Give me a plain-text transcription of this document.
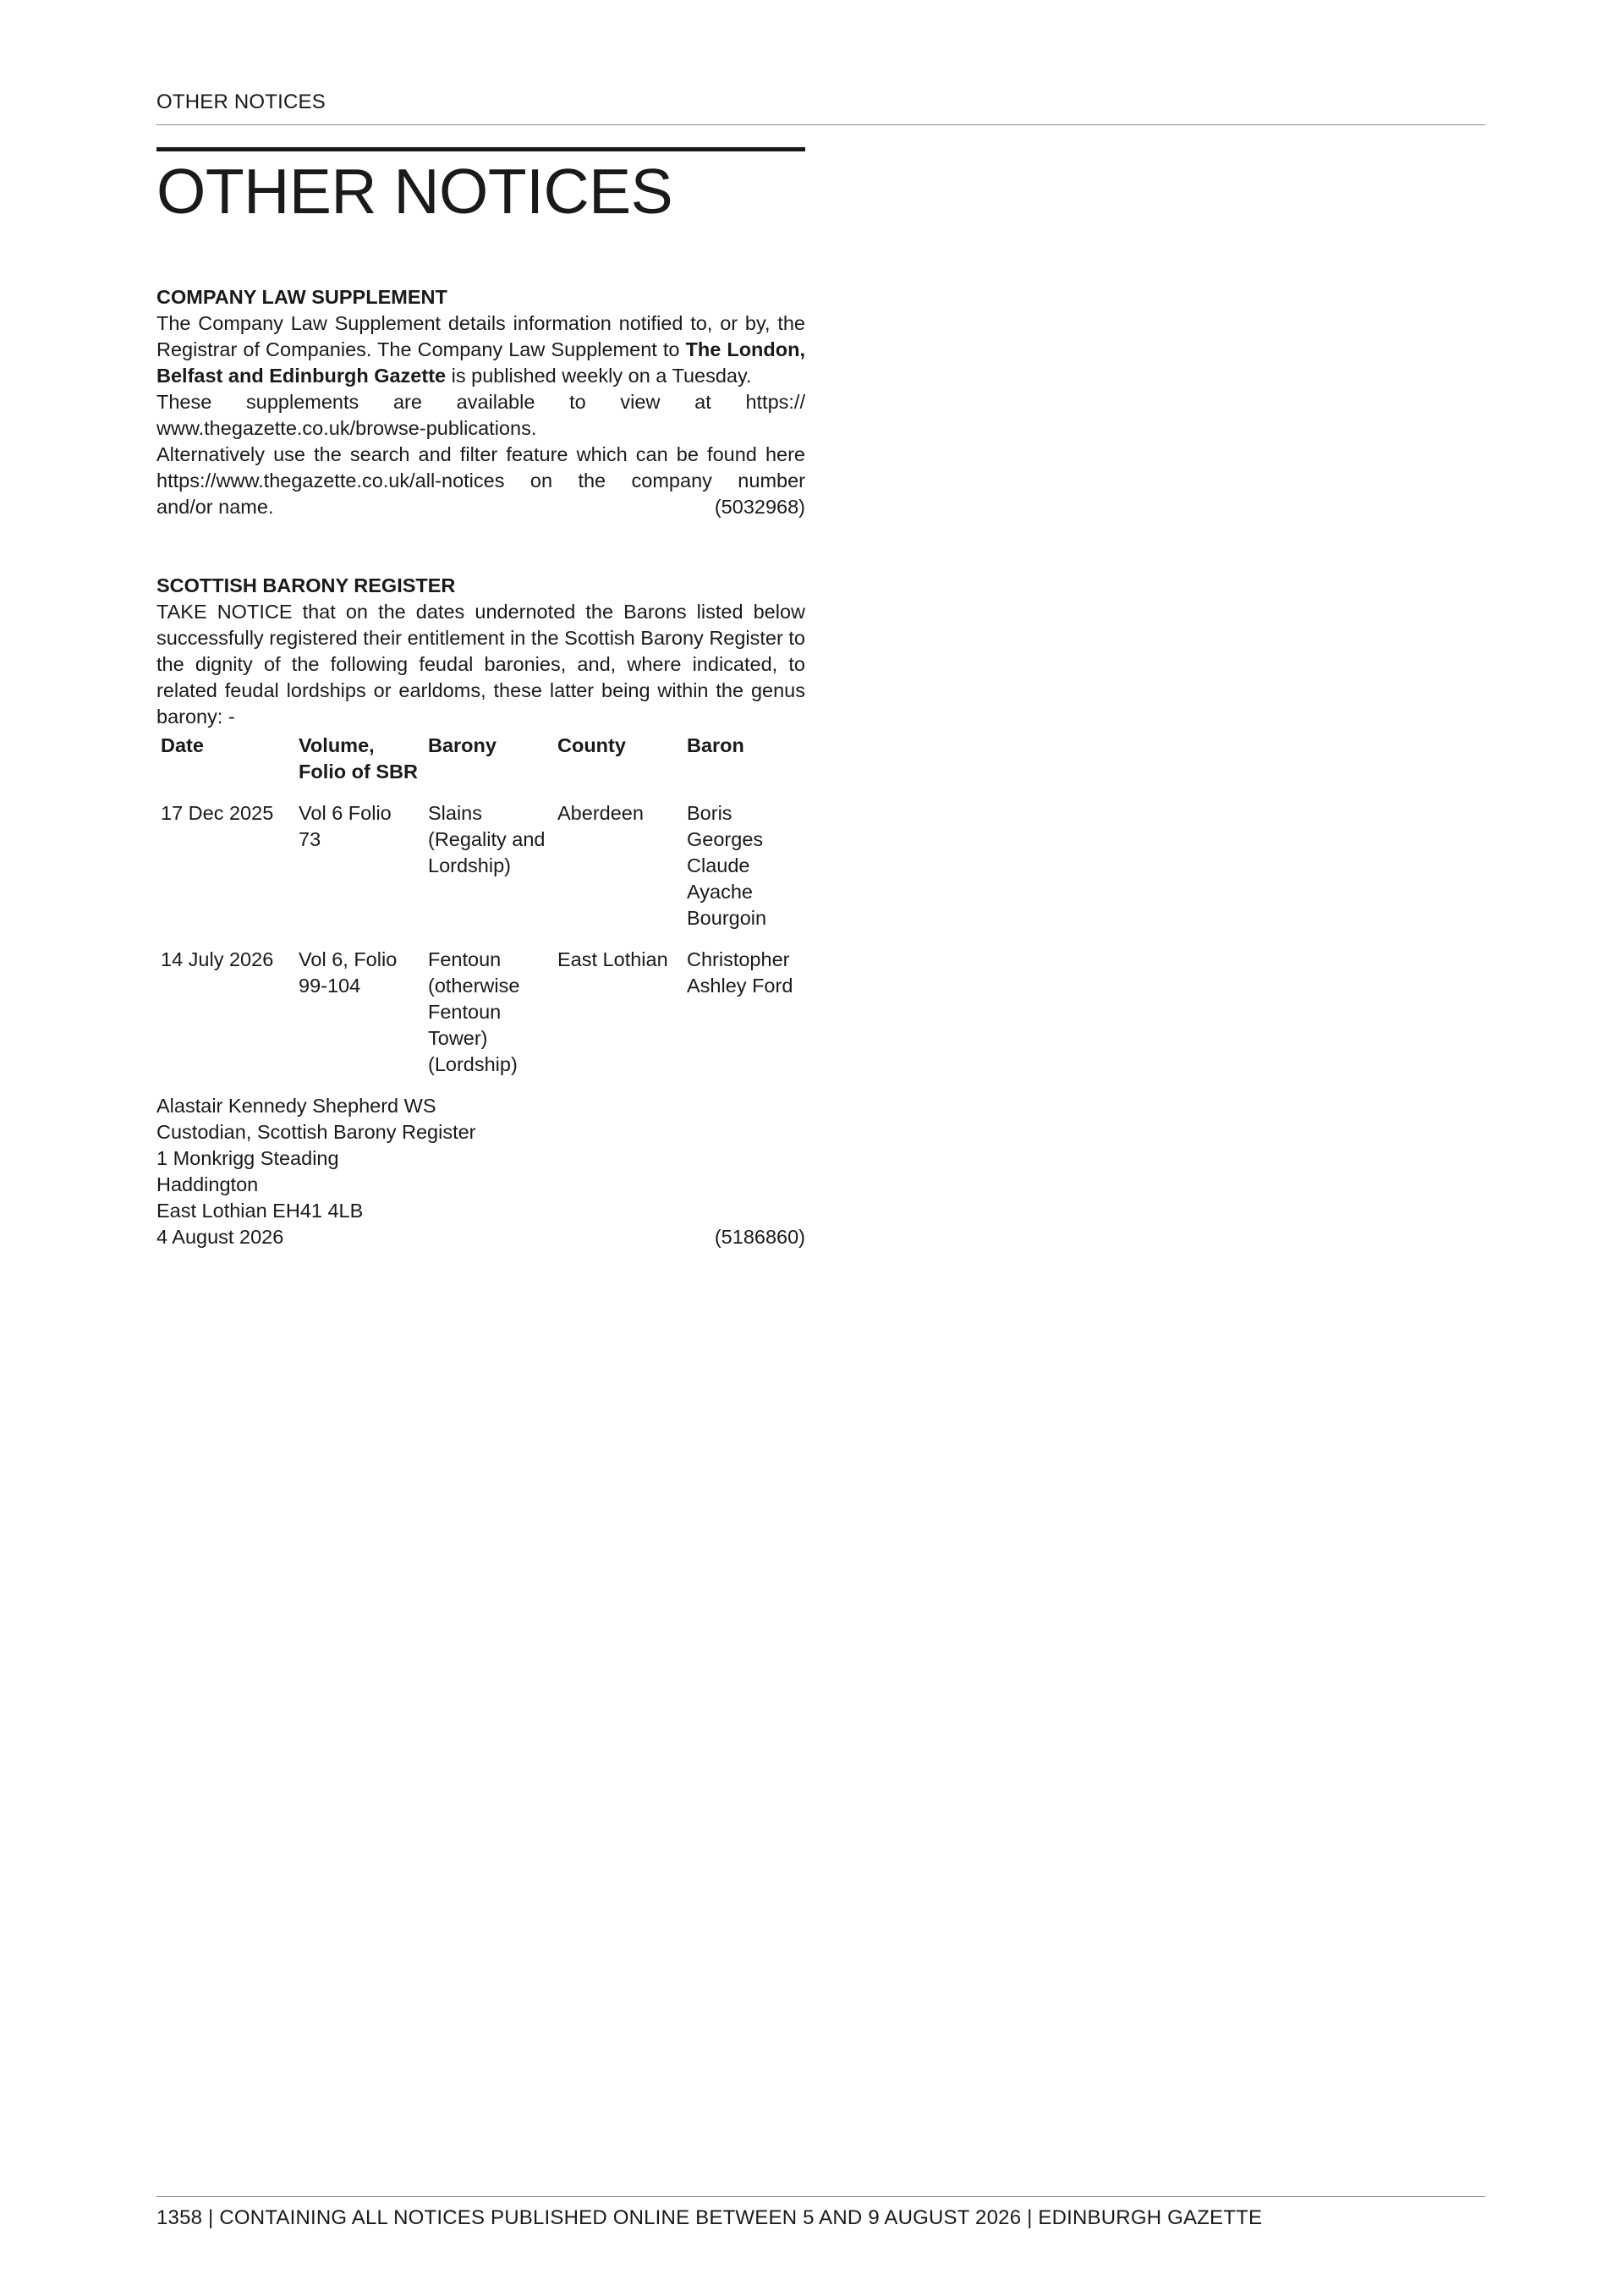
OTHER NOTICES
OTHER NOTICES

COMPANY LAW SUPPLEMENT

The Company Law Supplement details information notified to, or by, the Registrar of Companies. The Company Law Supplement to The London, Belfast and Edinburgh Gazette is published weekly on a Tuesday.

These supplements are available to view at https:// www.thegazette.co.uk/browse-publications.

Alternatively use the search and filter feature which can be found here https://www.thegazette.co.uk/all-notices on the company number

and/or name.	(5032968)

SCOTTISH BARONY REGISTER

TAKE NOTICE that on the dates undernoted the Barons listed below successfully registered their entitlement in the Scottish Barony Register to the dignity of the following feudal baronies, and, where indicated, to related feudal lordships or earldoms, these latter being within the genus barony: -

Date	Volume, Folio of SBR	Barony	County	Baron
17 Dec 2025	Vol 6 Folio 73	Slains (Regality and Lordship)	Aberdeen	Boris Georges Claude Ayache Bourgoin
14 July 2026	Vol 6, Folio 99-104	Fentoun (otherwise Fentoun Tower) (Lordship)	East Lothian	Christopher Ashley Ford

Alastair Kennedy Shepherd WS

Custodian, Scottish Barony Register

1 Monkrigg Steading

Haddington

East Lothian EH41 4LB

4 August 2026	(5186860)
1358 | CONTAINING ALL NOTICES PUBLISHED ONLINE BETWEEN 5 AND 9 AUGUST 2026 | EDINBURGH GAZETTE
